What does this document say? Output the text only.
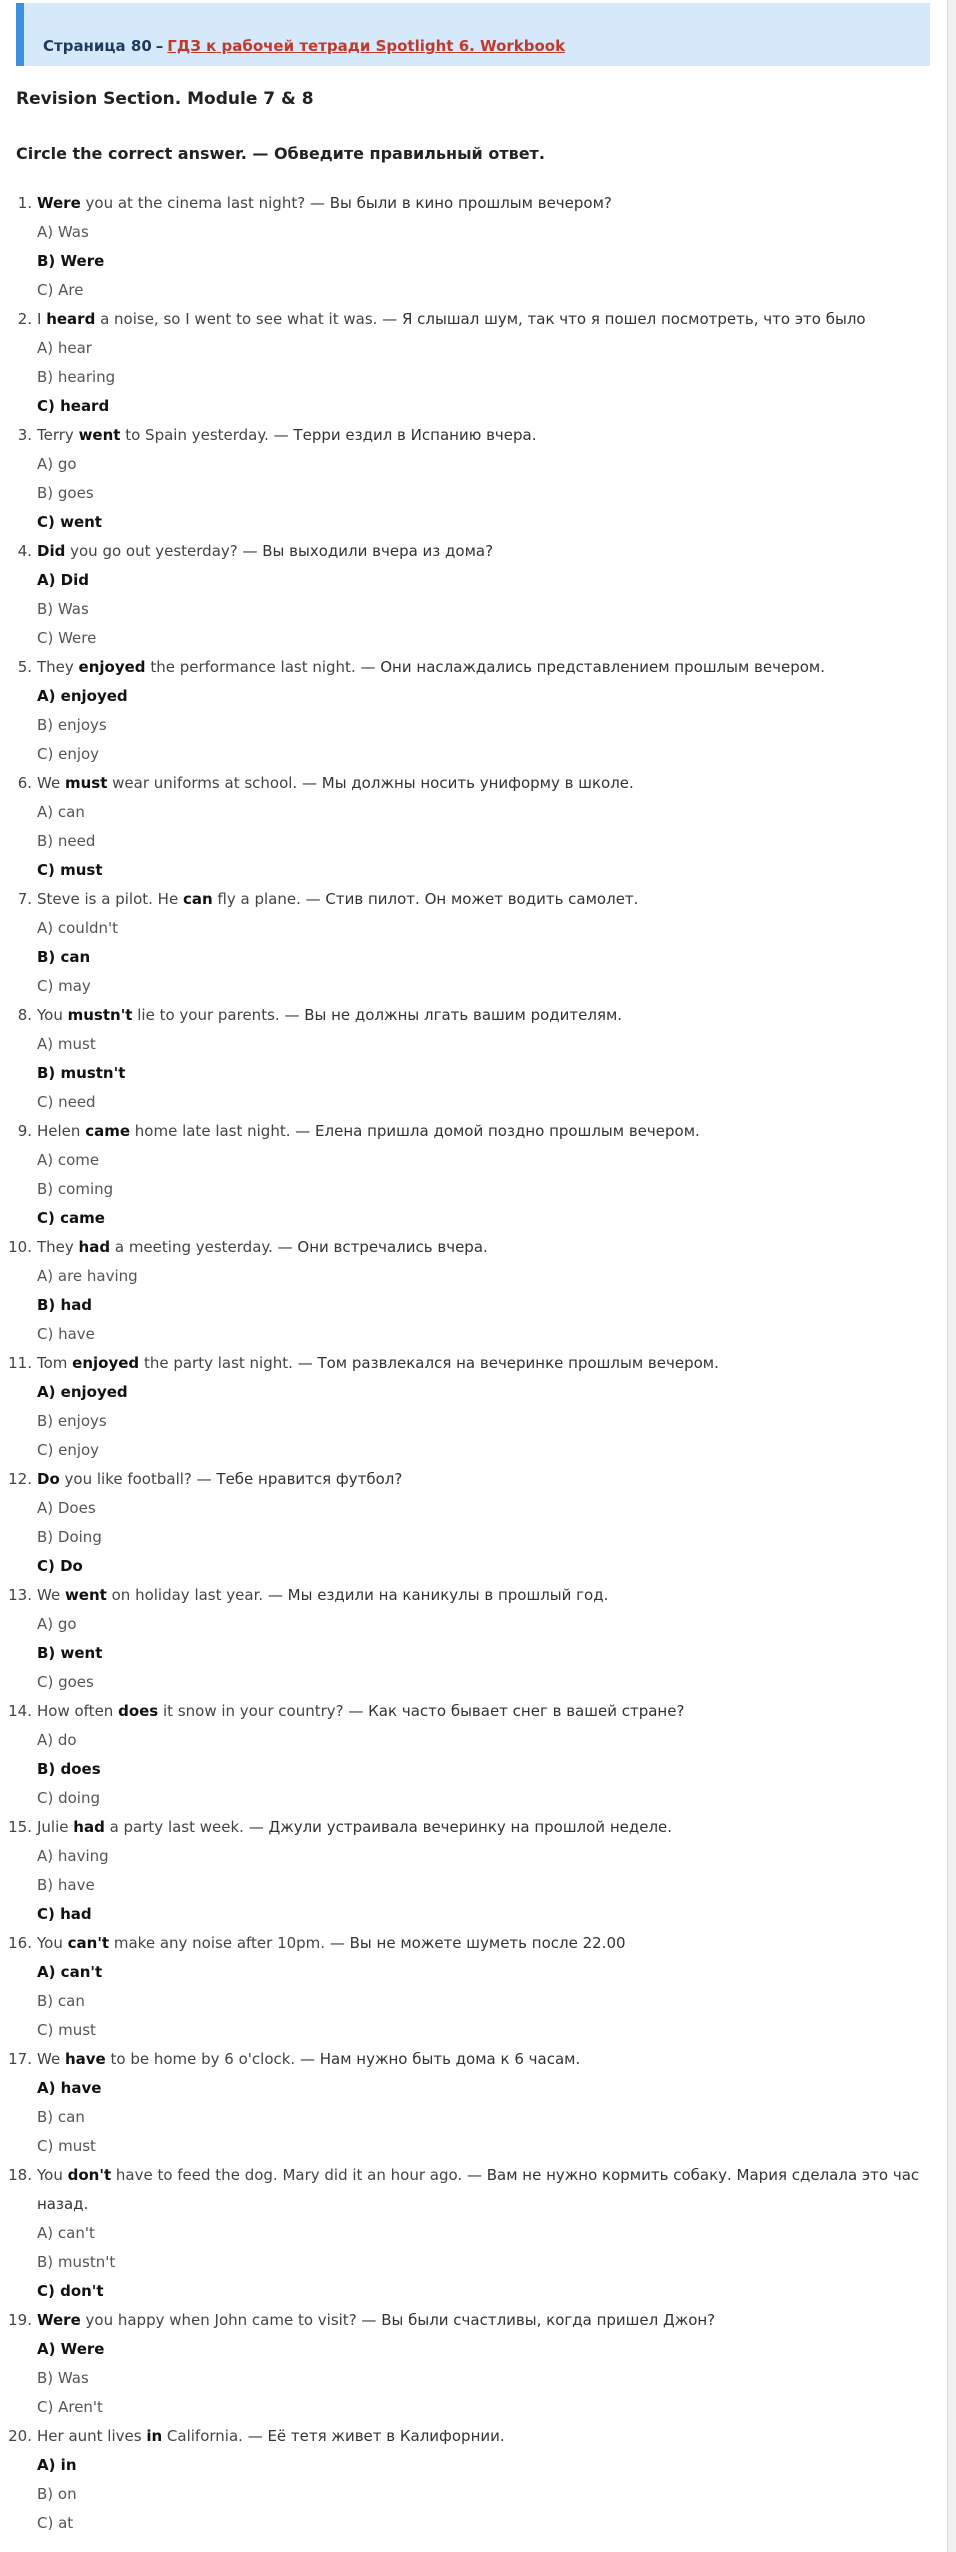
Страница 80 – ГДЗ к рабочей тетради Spotlight 6. Workbook
Revision Section. Module 7 & 8
Circle the correct answer. — Обведите правильный ответ.
1. Were you at the cinema last night? — Вы были в кино прошлым вечером?
A) Was
B) Were
C) Are
2. I heard a noise, so I went to see what it was. — Я слышал шум, так что я пошел посмотреть, что это было
A) hear
B) hearing
C) heard
3. Terry went to Spain yesterday. — Терри ездил в Испанию вчера.
A) go
B) goes
C) went
4. Did you go out yesterday? — Вы выходили вчера из дома?
A) Did
B) Was
C) Were
5. They enjoyed the performance last night. — Они наслаждались представлением прошлым вечером.
A) enjoyed
B) enjoys
C) enjoy
6. We must wear uniforms at school. — Мы должны носить униформу в школе.
A) can
B) need
C) must
7. Steve is a pilot. He can fly a plane. — Стив пилот. Он может водить самолет.
A) couldn't
B) can
C) may
8. You mustn't lie to your parents. — Вы не должны лгать вашим родителям.
A) must
B) mustn't
C) need
9. Helen came home late last night. — Елена пришла домой поздно прошлым вечером.
A) come
B) coming
C) came
10. They had a meeting yesterday. — Они встречались вчера.
A) are having
B) had
C) have
11. Tom enjoyed the party last night. — Том развлекался на вечеринке прошлым вечером.
A) enjoyed
B) enjoys
C) enjoy
12. Do you like football? — Тебе нравится футбол?
A) Does
B) Doing
C) Do
13. We went on holiday last year. — Мы ездили на каникулы в прошлый год.
A) go
B) went
C) goes
14. How often does it snow in your country? — Как часто бывает снег в вашей стране?
A) do
B) does
C) doing
15. Julie had a party last week. — Джули устраивала вечеринку на прошлой неделе.
A) having
B) have
C) had
16. You can't make any noise after 10pm. — Вы не можете шуметь после 22.00
A) can't
B) can
C) must
17. We have to be home by 6 o'clock. — Нам нужно быть дома к 6 часам.
A) have
B) can
C) must
18. You don't have to feed the dog. Mary did it an hour ago. — Вам не нужно кормить собаку. Мария сделала это час назад.
A) can't
B) mustn't
C) don't
19. Were you happy when John came to visit? — Вы были счастливы, когда пришел Джон?
A) Were
B) Was
C) Aren't
20. Her aunt lives in California. — Её тетя живет в Калифорнии.
A) in
B) on
C) at
